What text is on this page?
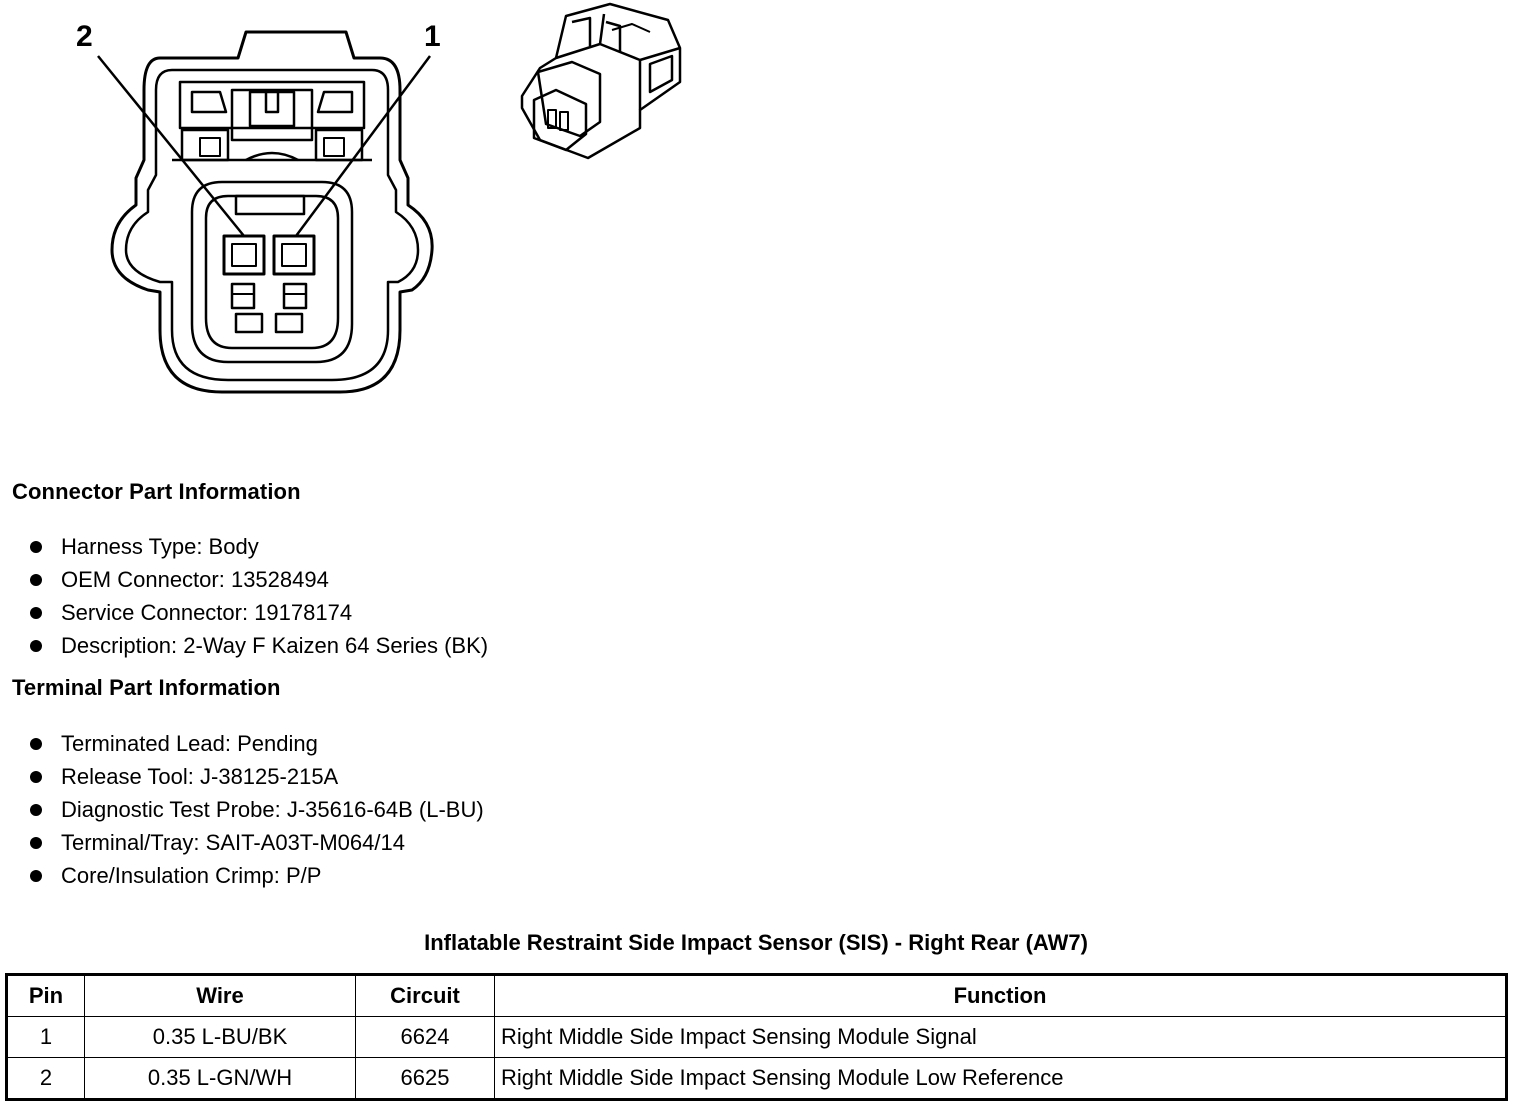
2	1
Connector Part Information
Harness Type: Body
OEM Connector: 13528494
Service Connector: 19178174
Description: 2-Way F Kaizen 64 Series (BK)
Terminal Part Information
Terminated Lead: Pending
Release Tool: J-38125-215A
Diagnostic Test Probe: J-35616-64B (L-BU)
Terminal/Tray: SAIT-A03T-M064/14
Core/Insulation Crimp: P/P
Inflatable Restraint Side Impact Sensor (SIS) - Right Rear (AW7)
Pin	Wire	Circuit	Function
1	0.35 L-BU/BK	6624	Right Middle Side Impact Sensing Module Signal
2	0.35 L-GN/WH	6625	Right Middle Side Impact Sensing Module Low Reference
